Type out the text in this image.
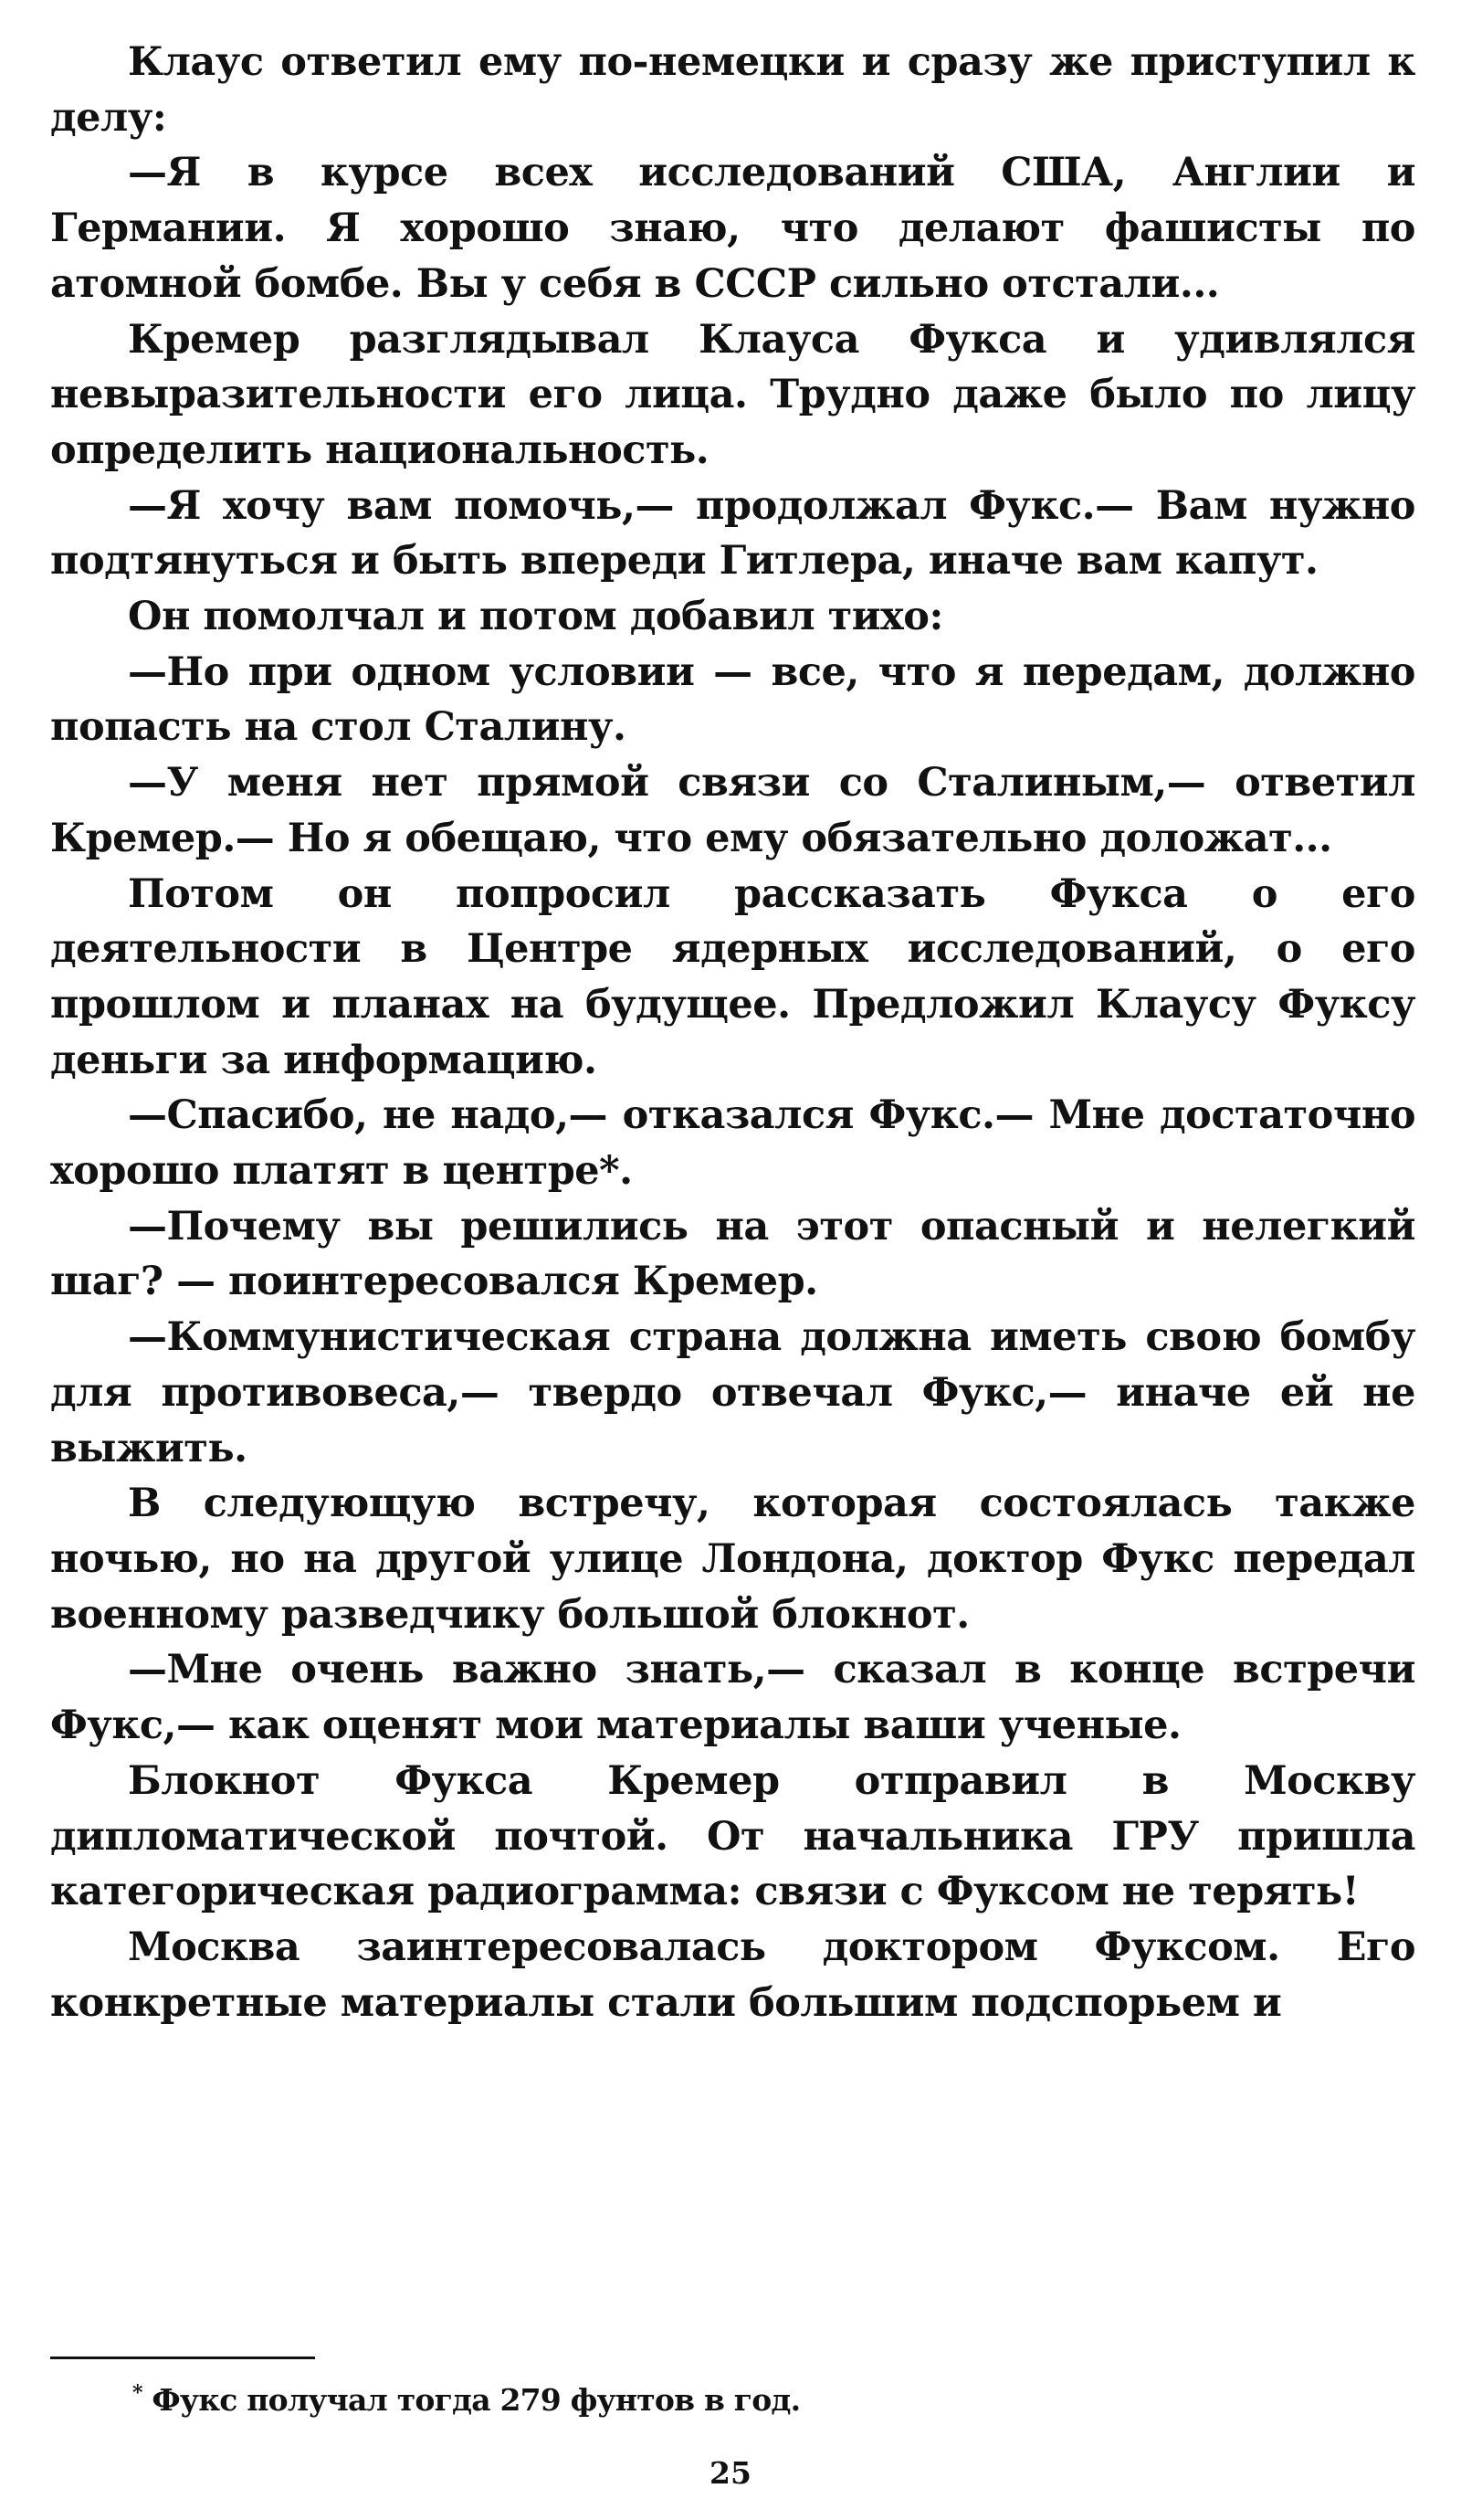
Клаус ответил ему по-немецки и сразу же приступил к делу:

—Я в курсе всех исследований США, Англии и Германии. Я хорошо знаю, что делают фашисты по атомной бомбе. Вы у себя в СССР сильно отстали...

Кремер разглядывал Клауса Фукса и удивлялся невыразительности его лица. Трудно даже было по лицу определить национальность.

—Я хочу вам помочь,— продолжал Фукс.— Вам нужно подтянуться и быть впереди Гитлера, иначе вам капут.

Он помолчал и потом добавил тихо:

—Но при одном условии — все, что я передам, должно попасть на стол Сталину.

—У меня нет прямой связи со Сталиным,— ответил Кремер.— Но я обещаю, что ему обязательно доложат...

Потом он попросил рассказать Фукса о его деятельности в Центре ядерных исследований, о его прошлом и планах на будущее. Предложил Клаусу Фуксу деньги за информацию.

—Спасибо, не надо,— отказался Фукс.— Мне достаточно хорошо платят в центре*.

—Почему вы решились на этот опасный и нелегкий шаг? — поинтересовался Кремер.

—Коммунистическая страна должна иметь свою бомбу для противовеса,— твердо отвечал Фукс,— иначе ей не выжить.

В следующую встречу, которая состоялась также ночью, но на другой улице Лондона, доктор Фукс передал военному разведчику большой блокнот.

—Мне очень важно знать,— сказал в конце встречи Фукс,— как оценят мои материалы ваши ученые.

Блокнот Фукса Кремер отправил в Москву дипломатической почтой. От начальника ГРУ пришла категорическая радиограмма: связи с Фуксом не терять!

Москва заинтересовалась доктором Фуксом. Его конкретные материалы стали большим подспорьем и

* Фукс получал тогда 279 фунтов в год.
25
